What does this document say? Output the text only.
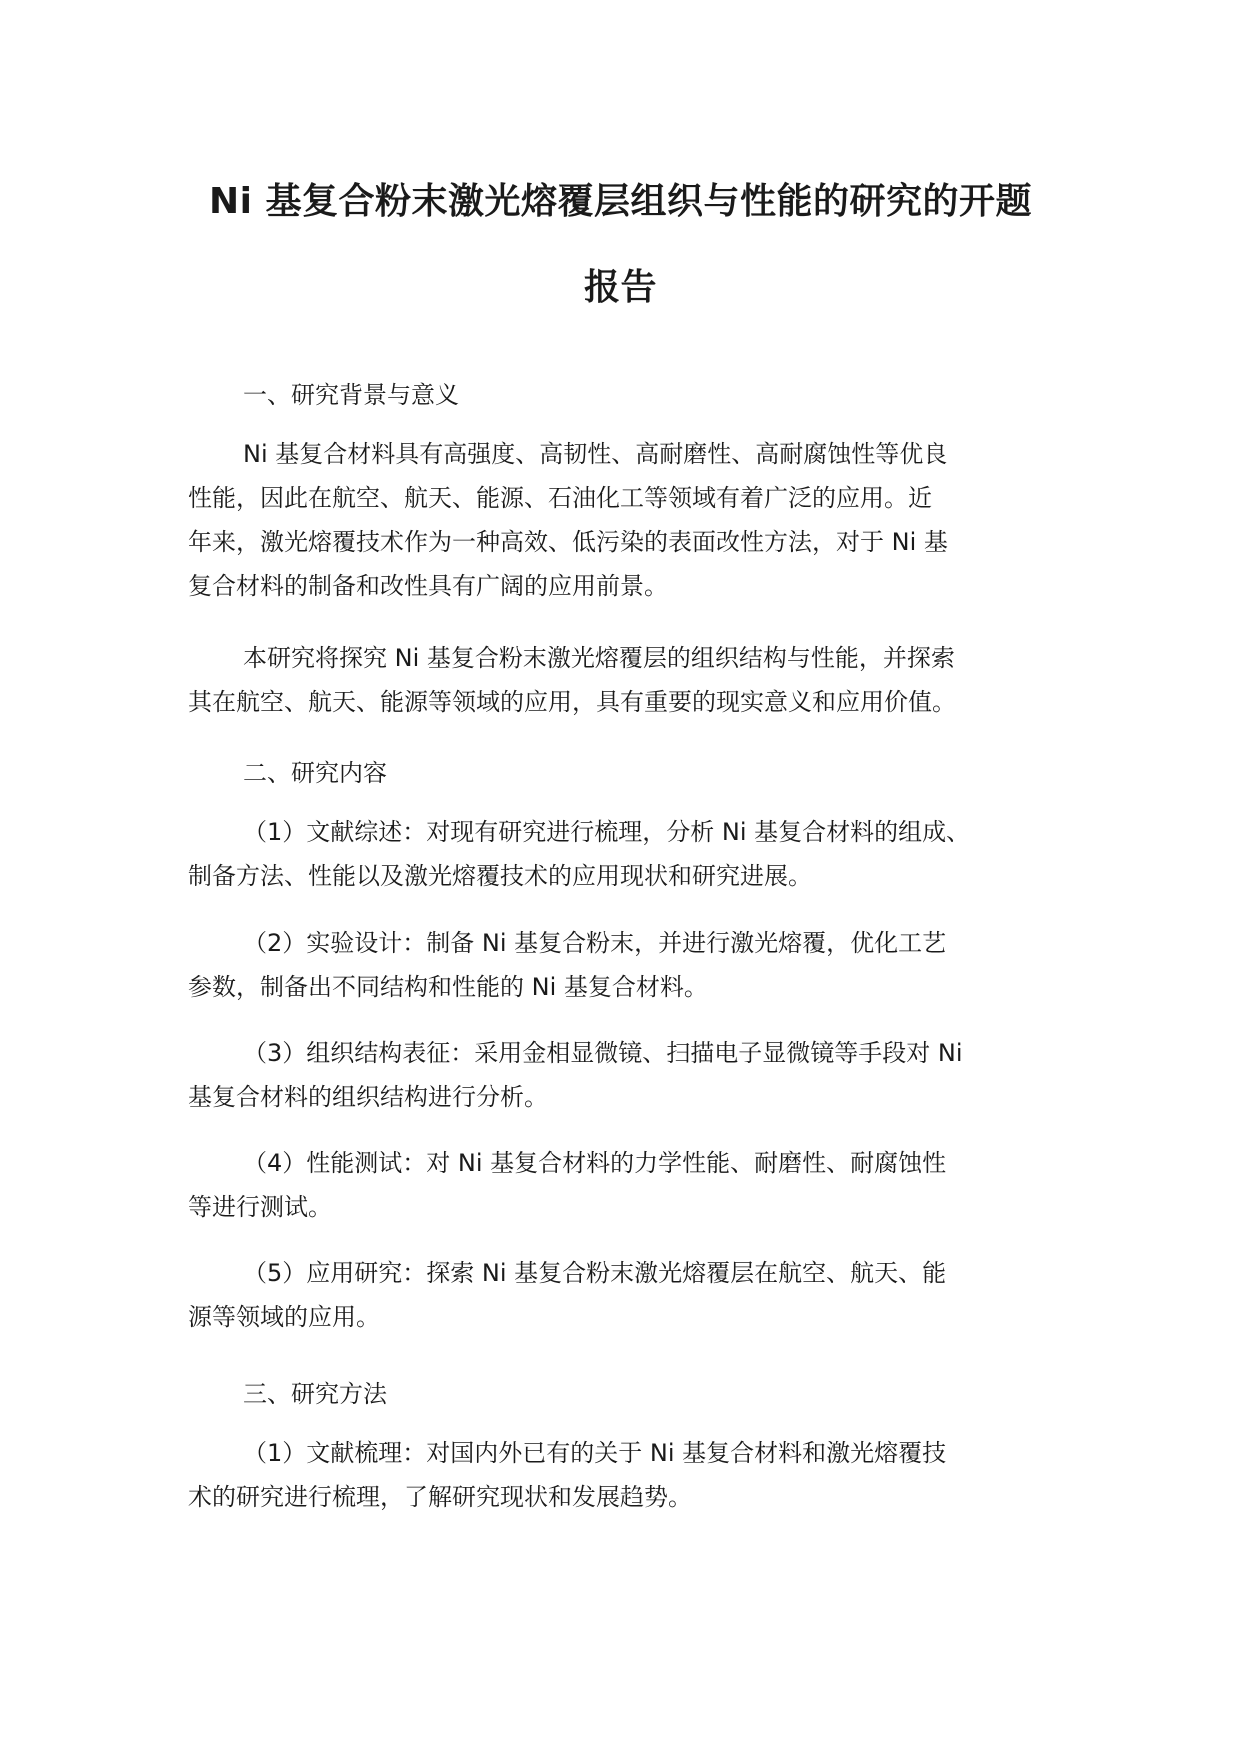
Ni 基复合粉末激光熔覆层组织与性能的研究的开题
报告
一、研究背景与意义
Ni 基复合材料具有高强度、高韧性、高耐磨性、高耐腐蚀性等优良
性能，因此在航空、航天、能源、石油化工等领域有着广泛的应用。近
年来，激光熔覆技术作为一种高效、低污染的表面改性方法，对于 Ni 基
复合材料的制备和改性具有广阔的应用前景。
本研究将探究 Ni 基复合粉末激光熔覆层的组织结构与性能，并探索
其在航空、航天、能源等领域的应用，具有重要的现实意义和应用价值。
二、研究内容
（1）文献综述：对现有研究进行梳理，分析 Ni 基复合材料的组成、
制备方法、性能以及激光熔覆技术的应用现状和研究进展。
（2）实验设计：制备 Ni 基复合粉末，并进行激光熔覆，优化工艺
参数，制备出不同结构和性能的 Ni 基复合材料。
（3）组织结构表征：采用金相显微镜、扫描电子显微镜等手段对 Ni
基复合材料的组织结构进行分析。
（4）性能测试：对 Ni 基复合材料的力学性能、耐磨性、耐腐蚀性
等进行测试。
（5）应用研究：探索 Ni 基复合粉末激光熔覆层在航空、航天、能
源等领域的应用。
三、研究方法
（1）文献梳理：对国内外已有的关于 Ni 基复合材料和激光熔覆技
术的研究进行梳理，了解研究现状和发展趋势。
